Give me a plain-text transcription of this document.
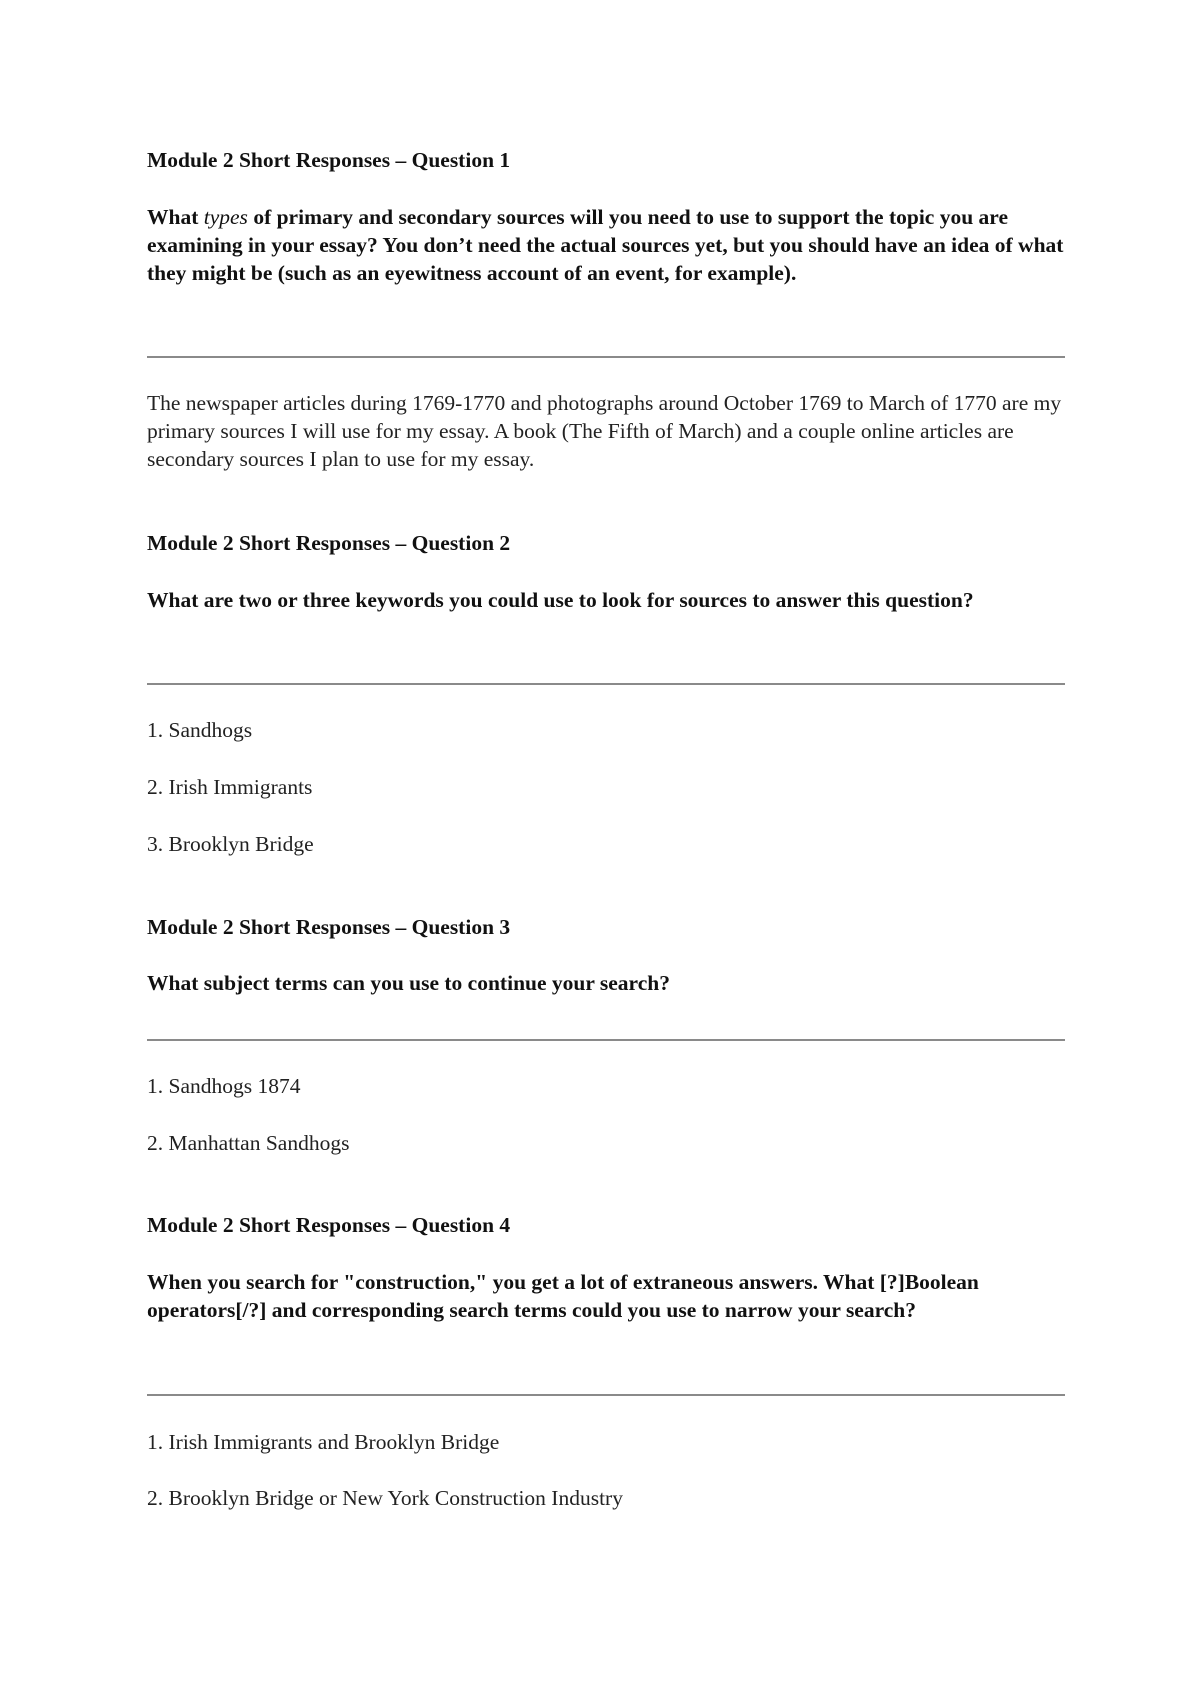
Module 2 Short Responses – Question 1
What types of primary and secondary sources will you need to use to support the topic you are examining in your essay? You don’t need the actual sources yet, but you should have an idea of what they might be (such as an eyewitness account of an event, for example).
The newspaper articles during 1769-1770 and photographs around October 1769 to March of 1770 are my primary sources I will use for my essay. A book (The Fifth of March) and a couple online articles are secondary sources I plan to use for my essay.
Module 2 Short Responses – Question 2
What are two or three keywords you could use to look for sources to answer this question?
1. Sandhogs
2. Irish Immigrants
3. Brooklyn Bridge
Module 2 Short Responses – Question 3
What subject terms can you use to continue your search?
1. Sandhogs 1874
2. Manhattan Sandhogs
Module 2 Short Responses – Question 4
When you search for "construction," you get a lot of extraneous answers. What [?]Boolean operators[/?] and corresponding search terms could you use to narrow your search?
1. Irish Immigrants and Brooklyn Bridge
2. Brooklyn Bridge or New York Construction Industry
